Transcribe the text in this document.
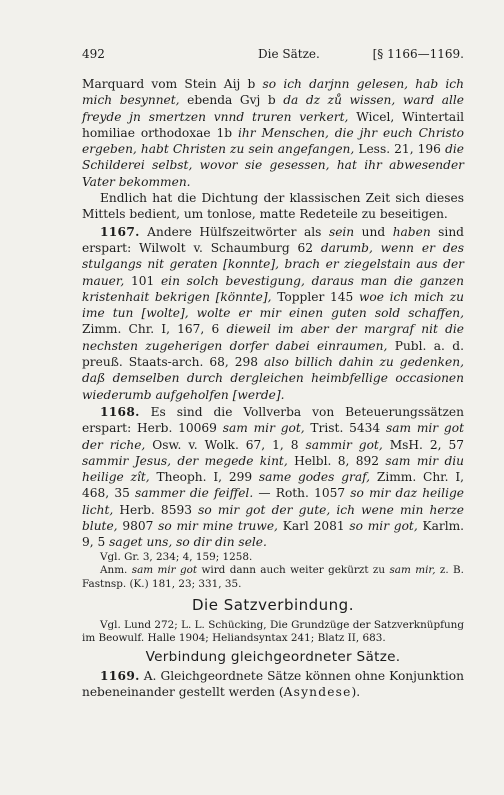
492	Die Sätze.	[§ 1166—1169.

Marquard vom Stein Aij b so ich darjnn gelesen, hab ich mich besynnet, ebenda Gvj b da dz zů wissen, ward alle freyde jn smertzen vnnd truren verkert, Wicel, Wintertail homiliae orthodoxae 1b ihr Menschen, die jhr euch Christo ergeben, habt Christen zu sein angefangen, Less. 21, 196 die Schilderei selbst, wovor sie gesessen, hat ihr abwesender Vater bekommen.

Endlich hat die Dichtung der klassischen Zeit sich dieses Mittels bedient, um tonlose, matte Redeteile zu beseitigen.

1167. Andere Hülfszeitwörter als sein und haben sind erspart: Wilwolt v. Schaumburg 62 darumb, wenn er des stulgangs nit geraten [konnte], brach er ziegelstain aus der mauer, 101 ein solch bevestigung, daraus man die ganzen kristenhait bekrigen [könnte], Toppler 145 woe ich mich zu ime tun [wolte], wolte er mir einen guten sold schaffen, Zimm. Chr. I, 167, 6 dieweil im aber der margraf nit die nechsten zugeherigen dorfer dabei einraumen, Publ. a. d. preuß. Staats-arch. 68, 298 also billich dahin zu gedenken, daß demselben durch dergleichen heimbfellige occasionen wiederumb aufgeholfen [werde].

1168. Es sind die Vollverba von Beteuerungssätzen erspart: Herb. 10069 sam mir got, Trist. 5434 sam mir got der riche, Osw. v. Wolk. 67, 1, 8 sammir got, MsH. 2, 57 sammir Jesus, der megede kint, Helbl. 8, 892 sam mir diu heilige zît, Theoph. I, 299 same godes graf, Zimm. Chr. I, 468, 35 sammer die feiffel. — Roth. 1057 so mir daz heilige licht, Herb. 8593 so mir got der gute, ich wene min herze blute, 9807 so mir mine truwe, Karl 2081 so mir got, Karlm. 9, 5 saget uns, so dir din sele.

Vgl. Gr. 3, 234; 4, 159; 1258.

Anm. sam mir got wird dann auch weiter gekürzt zu sam mir, z. B. Fastnsp. (K.) 181, 23; 331, 35.

Die Satzverbindung.

Vgl. Lund 272; L. L. Schücking, Die Grundzüge der Satzverknüpfung im Beowulf. Halle 1904; Heliandsyntax 241; Blatz II, 683.

Verbindung gleichgeordneter Sätze.

1169. A. Gleichgeordnete Sätze können ohne Konjunktion nebeneinander gestellt werden (Asyndese).
